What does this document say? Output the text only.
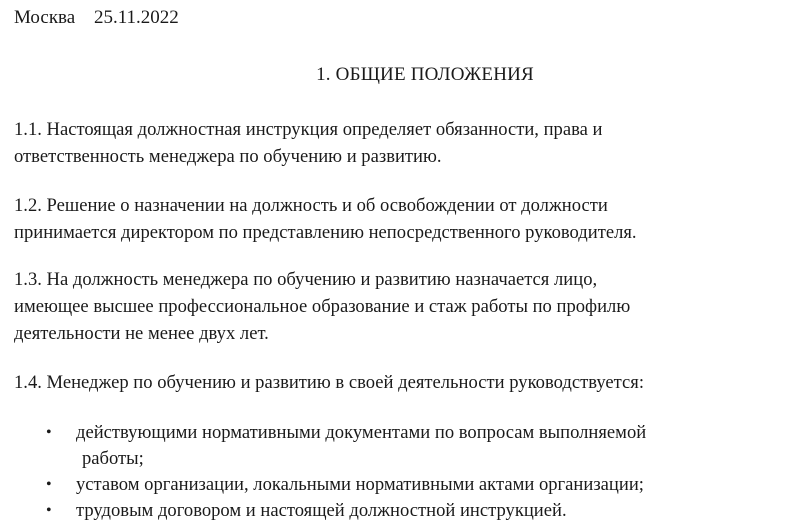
Москва 25.11.2022
1. ОБЩИЕ ПОЛОЖЕНИЯ
1.1. Настоящая должностная инструкция определяет обязанности, права и
ответственность менеджера по обучению и развитию.
1.2. Решение о назначении на должность и об освобождении от должности
принимается директором по представлению непосредственного руководителя.
1.3. На должность менеджера по обучению и развитию назначается лицо,
имеющее высшее профессиональное образование и стаж работы по профилю
деятельности не менее двух лет.
1.4. Менеджер по обучению и развитию в своей деятельности руководствуется:
• действующими нормативными документами по вопросам выполняемой
работы;
• уставом организации, локальными нормативными актами организации;
• трудовым договором и настоящей должностной инструкцией.
